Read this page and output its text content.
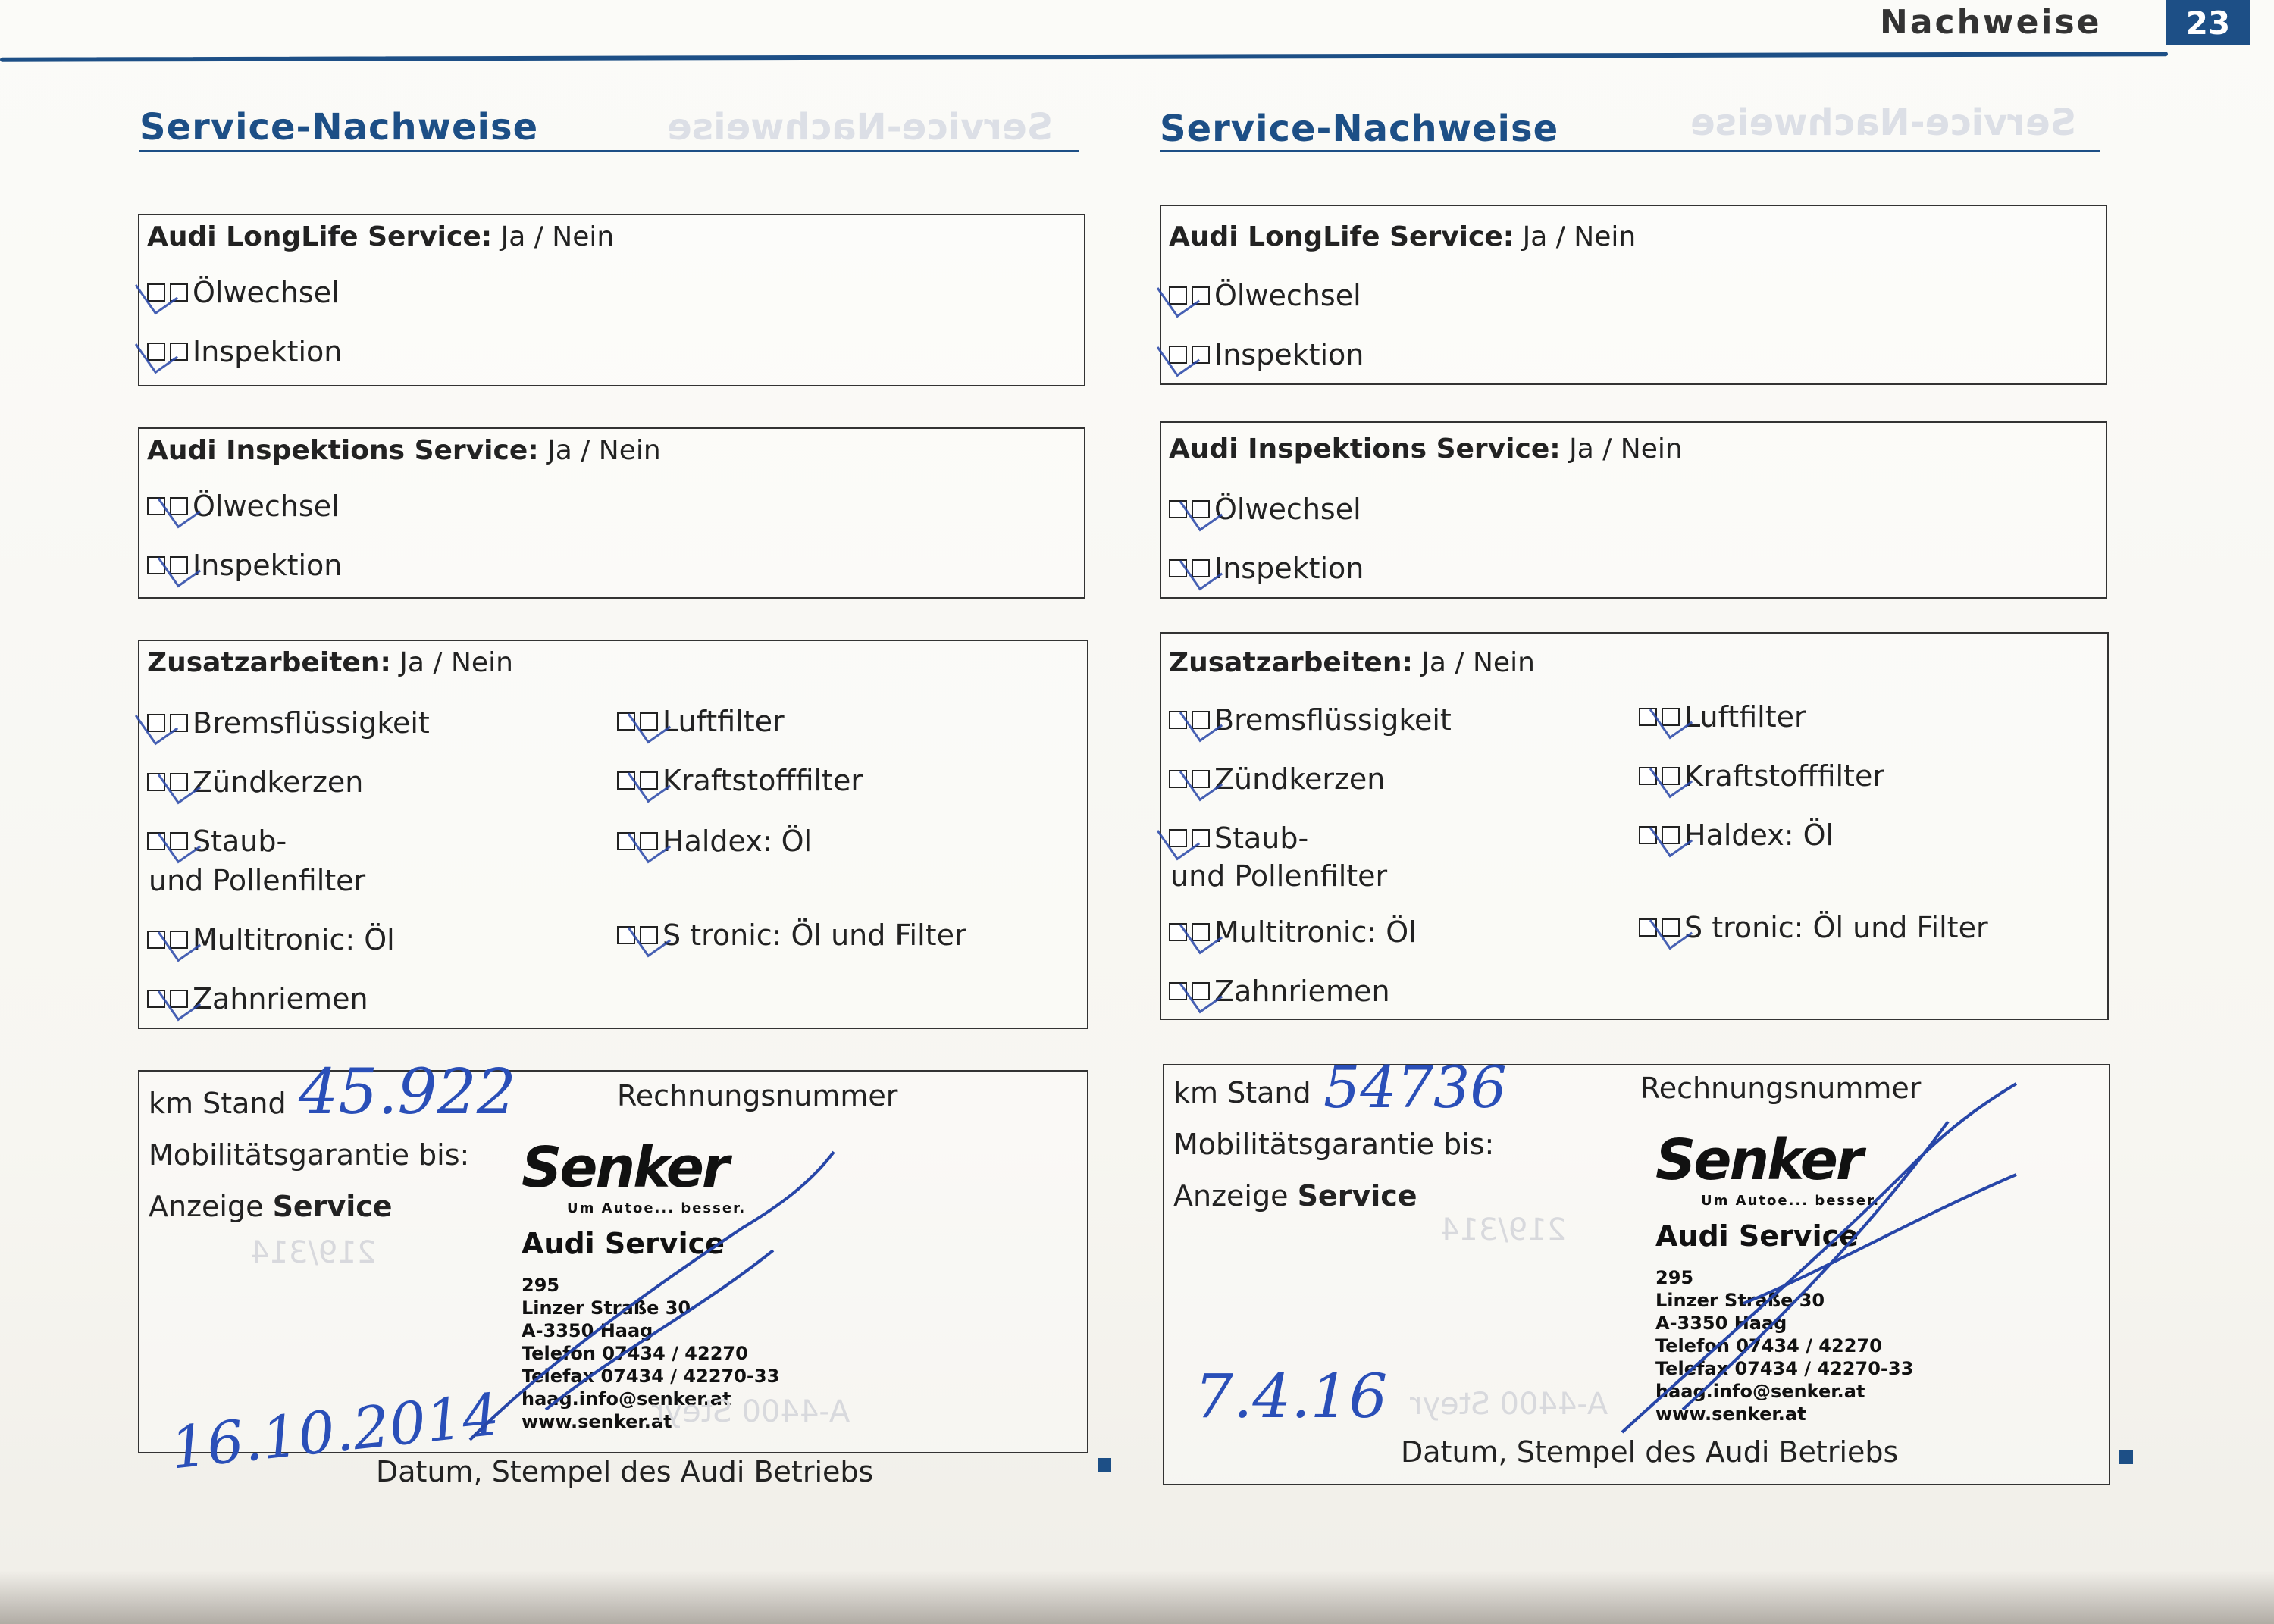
Nachweise	23
Service-Nachweise	Service-Nachweise
Audi LongLife Service: Ja / Nein
Ölwechsel
Inspektion
Audi Inspektions Service: Ja / Nein
Ölwechsel
Inspektion
Zusatzarbeiten: Ja / Nein
Bremsflüssigkeit
Zündkerzen
Staub-
und Pollenfilter
Multitronic: Öl
Zahnriemen
Luftfilter
Kraftstofffilter
Haldex: Öl
S tronic: Öl und Filter
km Stand 45.922	Rechnungsnummer
Mobilitätsgarantie bis:
Anzeige Service
16.10.2014
Datum, Stempel des Audi Betriebs
Senker
Um Autoe... besser.
Audi Service
295
Linzer Straße 30
A-3350 Haag
Telefon 07434 / 42270
Telefax 07434 / 42270-33
haag.info@senker.at
www.senker.at
219/314
A-4400 Steyr
Service-Nachweise	Service-Nachweise
Audi LongLife Service: Ja / Nein
Ölwechsel
Inspektion
Audi Inspektions Service: Ja / Nein
Ölwechsel
Inspektion
Zusatzarbeiten: Ja / Nein
Bremsflüssigkeit
Zündkerzen
Staub-
und Pollenfilter
Multitronic: Öl
Zahnriemen
Luftfilter
Kraftstofffilter
Haldex: Öl
S tronic: Öl und Filter
km Stand 54736	Rechnungsnummer
Mobilitätsgarantie bis:
Anzeige Service
7.4.16
Datum, Stempel des Audi Betriebs
Senker
Um Autoe... besser.
Audi Service
295
Linzer Straße 30
A-3350 Haag
Telefon 07434 / 42270
Telefax 07434 / 42270-33
haag.info@senker.at
www.senker.at
219/314
A-4400 Steyr
